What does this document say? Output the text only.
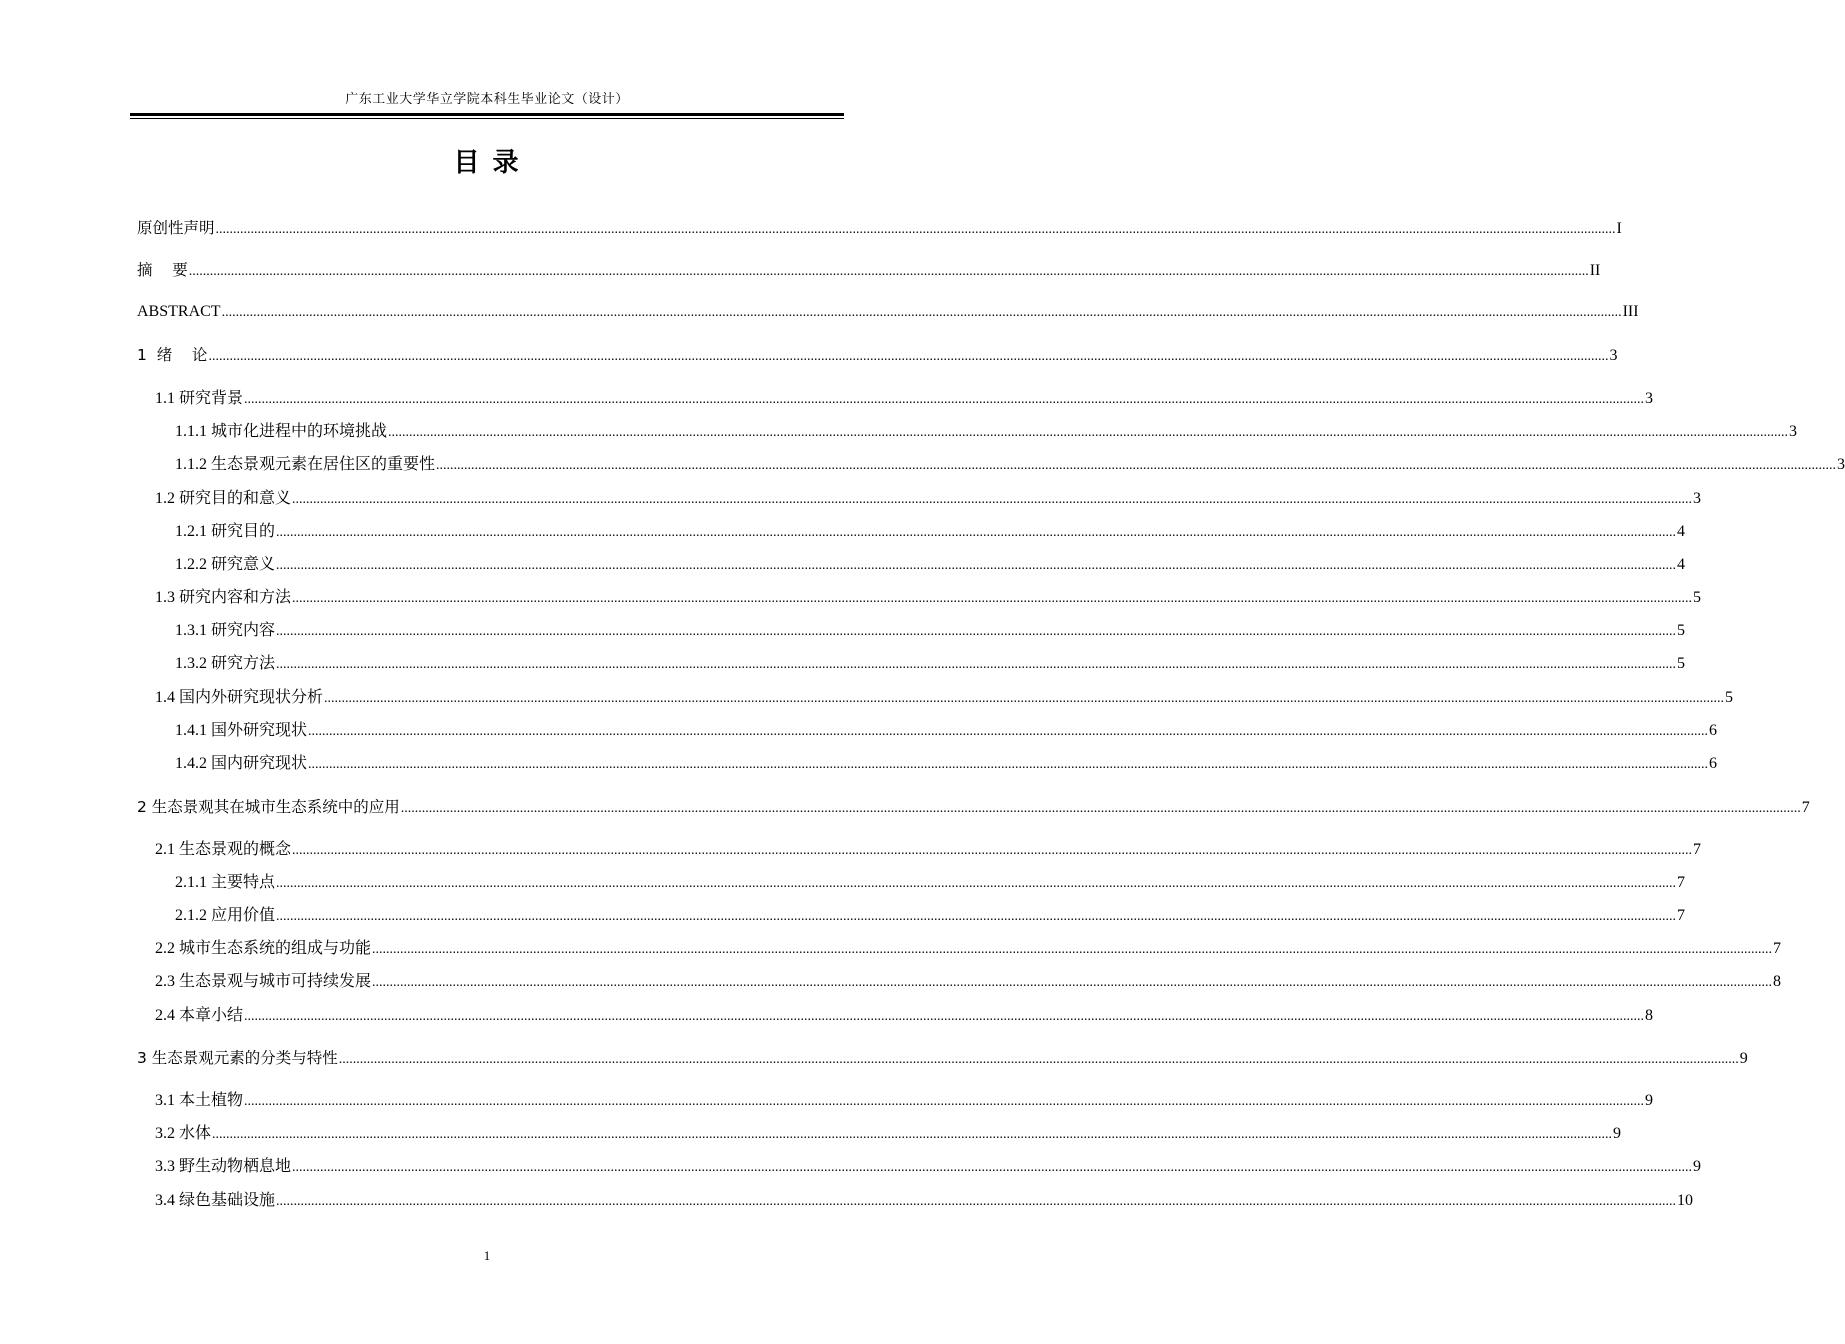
广东工业大学华立学院本科生毕业论文（设计）
目 录
原创性声明 ................................................................................................................................................................................................................................................................................................................................................................................................................ I
摘    要 ................................................................................................................................................................................................................................................................................................................................................................................................................ II
ABSTRACT ................................................................................................................................................................................................................................................................................................................................................................................................................ III
1  绪    论 ................................................................................................................................................................................................................................................................................................................................................................................................................ 3
1.1 研究背景 ................................................................................................................................................................................................................................................................................................................................................................................................................ 3
1.1.1 城市化进程中的环境挑战 ................................................................................................................................................................................................................................................................................................................................................................................................................ 3
1.1.2 生态景观元素在居住区的重要性 ................................................................................................................................................................................................................................................................................................................................................................................................................ 3
1.2 研究目的和意义 ................................................................................................................................................................................................................................................................................................................................................................................................................ 3
1.2.1 研究目的 ................................................................................................................................................................................................................................................................................................................................................................................................................ 4
1.2.2 研究意义 ................................................................................................................................................................................................................................................................................................................................................................................................................ 4
1.3 研究内容和方法 ................................................................................................................................................................................................................................................................................................................................................................................................................ 5
1.3.1 研究内容 ................................................................................................................................................................................................................................................................................................................................................................................................................ 5
1.3.2 研究方法 ................................................................................................................................................................................................................................................................................................................................................................................................................ 5
1.4 国内外研究现状分析 ................................................................................................................................................................................................................................................................................................................................................................................................................ 5
1.4.1 国外研究现状 ................................................................................................................................................................................................................................................................................................................................................................................................................ 6
1.4.2 国内研究现状 ................................................................................................................................................................................................................................................................................................................................................................................................................ 6
2 生态景观其在城市生态系统中的应用 ................................................................................................................................................................................................................................................................................................................................................................................................................ 7
2.1 生态景观的概念 ................................................................................................................................................................................................................................................................................................................................................................................................................ 7
2.1.1 主要特点 ................................................................................................................................................................................................................................................................................................................................................................................................................ 7
2.1.2 应用价值 ................................................................................................................................................................................................................................................................................................................................................................................................................ 7
2.2 城市生态系统的组成与功能 ................................................................................................................................................................................................................................................................................................................................................................................................................ 7
2.3 生态景观与城市可持续发展 ................................................................................................................................................................................................................................................................................................................................................................................................................ 8
2.4 本章小结 ................................................................................................................................................................................................................................................................................................................................................................................................................ 8
3 生态景观元素的分类与特性 ................................................................................................................................................................................................................................................................................................................................................................................................................ 9
3.1 本土植物 ................................................................................................................................................................................................................................................................................................................................................................................................................ 9
3.2 水体 ................................................................................................................................................................................................................................................................................................................................................................................................................ 9
3.3 野生动物栖息地 ................................................................................................................................................................................................................................................................................................................................................................................................................ 9
3.4 绿色基础设施 ................................................................................................................................................................................................................................................................................................................................................................................................................ 10
1
